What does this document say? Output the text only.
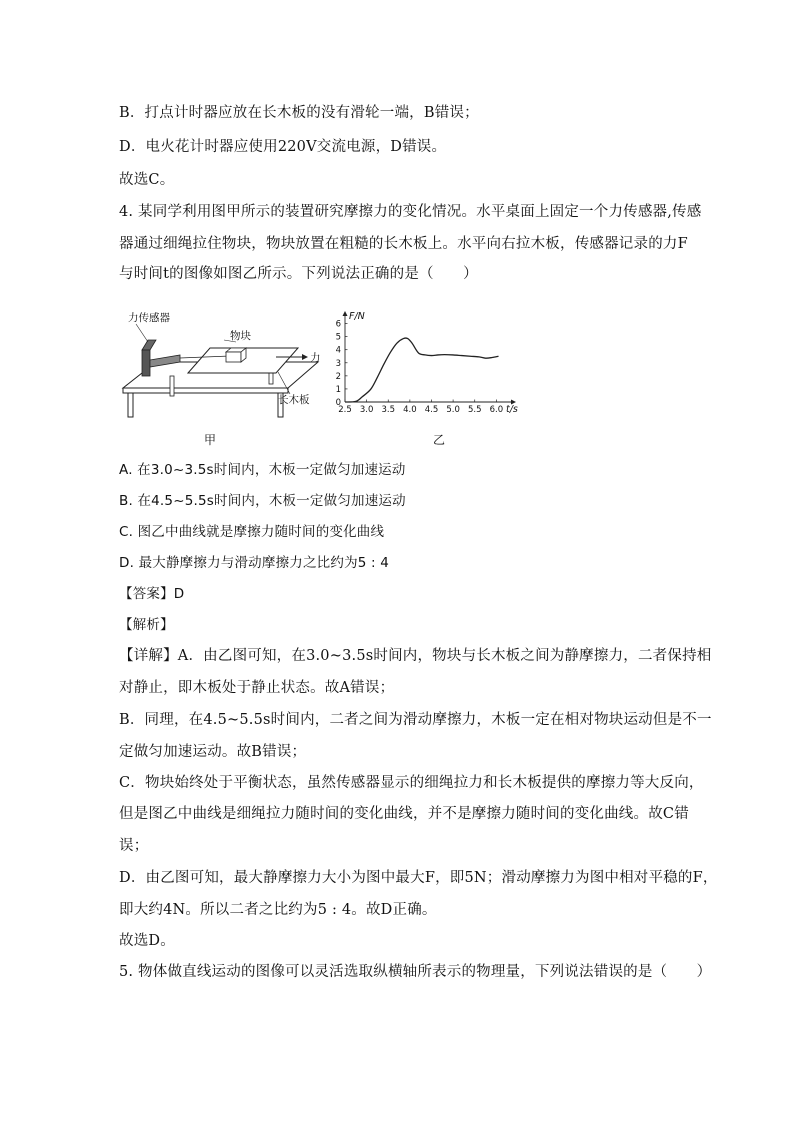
B．打点计时器应放在长木板的没有滑轮一端，B错误；
D．电火花计时器应使用220V交流电源，D错误。
故选C。
4. 某同学利用图甲所示的装置研究摩擦力的变化情况。水平桌面上固定一个力传感器,传感
器通过细绳拉住物块，物块放置在粗糙的长木板上。水平向右拉木板，传感器记录的力F
与时间t的图像如图乙所示。下列说法正确的是（　　）
力传感器
物块
力
长木板
甲
2.5 3.0 3.5 4.0 4.5 5.0 5.5 6.0
0
1
2
3
4
5
6
F/N
t/s
乙
A. 在3.0~3.5s时间内，木板一定做匀加速运动
B. 在4.5~5.5s时间内，木板一定做匀加速运动
C. 图乙中曲线就是摩擦力随时间的变化曲线
D. 最大静摩擦力与滑动摩擦力之比约为5 : 4
【答案】D
【解析】
【详解】A．由乙图可知，在3.0~3.5s时间内，物块与长木板之间为静摩擦力，二者保持相
对静止，即木板处于静止状态。故A错误；
B．同理，在4.5~5.5s时间内，二者之间为滑动摩擦力，木板一定在相对物块运动但是不一
定做匀加速运动。故B错误；
C．物块始终处于平衡状态，虽然传感器显示的细绳拉力和长木板提供的摩擦力等大反向，
但是图乙中曲线是细绳拉力随时间的变化曲线，并不是摩擦力随时间的变化曲线。故C错
误；
D．由乙图可知，最大静摩擦力大小为图中最大F，即5N；滑动摩擦力为图中相对平稳的F，
即大约4N。所以二者之比约为5 : 4。故D正确。
故选D。
5. 物体做直线运动的图像可以灵活选取纵横轴所表示的物理量，下列说法错误的是（　　）
